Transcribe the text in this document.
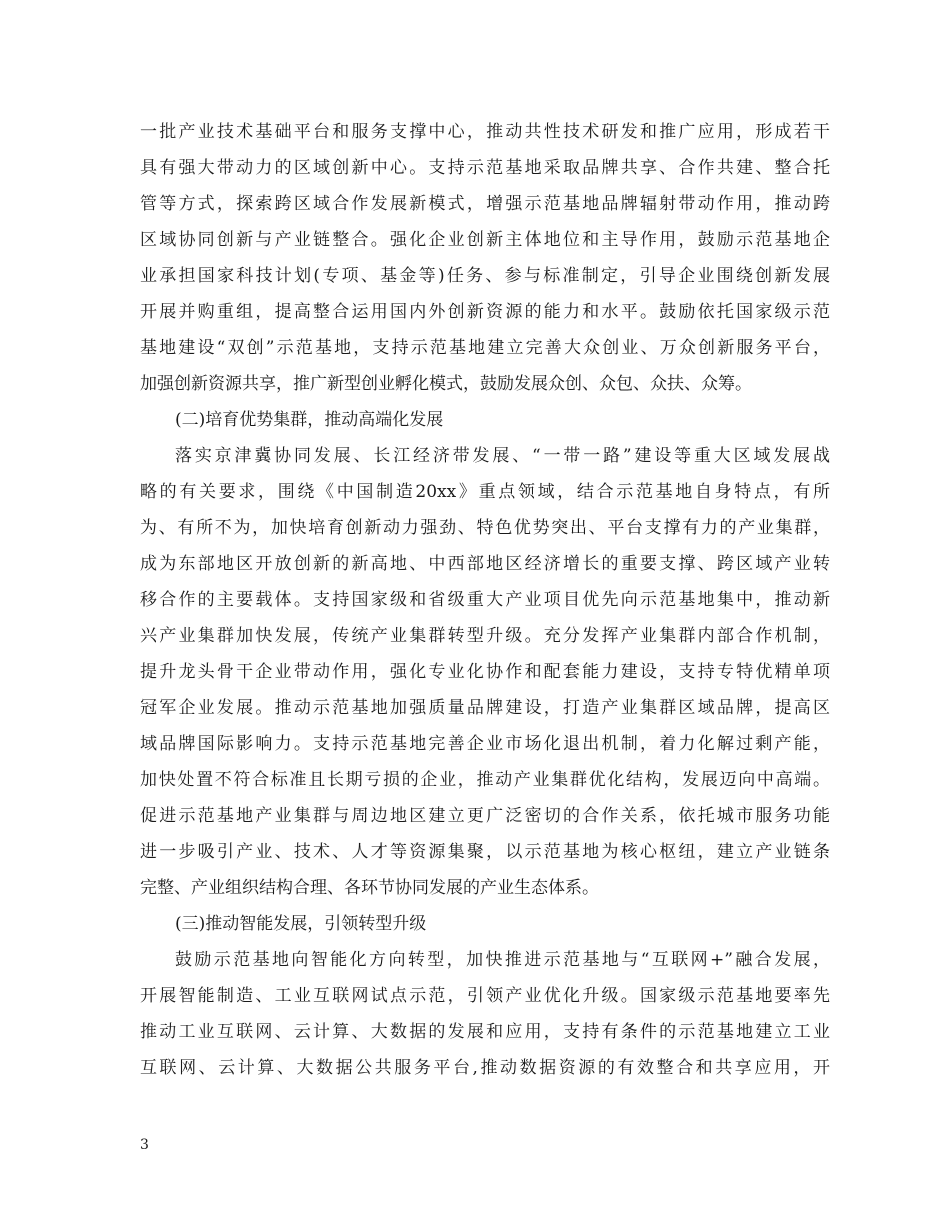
一批产业技术基础平台和服务支撑中心，推动共性技术研发和推广应用，形成若干
具有强大带动力的区域创新中心。支持示范基地采取品牌共享、合作共建、整合托
管等方式，探索跨区域合作发展新模式，增强示范基地品牌辐射带动作用，推动跨
区域协同创新与产业链整合。强化企业创新主体地位和主导作用，鼓励示范基地企
业承担国家科技计划(专项、基金等)任务、参与标准制定，引导企业围绕创新发展
开展并购重组，提高整合运用国内外创新资源的能力和水平。鼓励依托国家级示范
基地建设“双创”示范基地，支持示范基地建立完善大众创业、万众创新服务平台，
加强创新资源共享，推广新型创业孵化模式，鼓励发展众创、众包、众扶、众筹。
(二)培育优势集群，推动高端化发展
落实京津冀协同发展、长江经济带发展、“一带一路”建设等重大区域发展战
略的有关要求，围绕《中国制造20xx》重点领域，结合示范基地自身特点，有所
为、有所不为，加快培育创新动力强劲、特色优势突出、平台支撑有力的产业集群，
成为东部地区开放创新的新高地、中西部地区经济增长的重要支撑、跨区域产业转
移合作的主要载体。支持国家级和省级重大产业项目优先向示范基地集中，推动新
兴产业集群加快发展，传统产业集群转型升级。充分发挥产业集群内部合作机制，
提升龙头骨干企业带动作用，强化专业化协作和配套能力建设，支持专特优精单项
冠军企业发展。推动示范基地加强质量品牌建设，打造产业集群区域品牌，提高区
域品牌国际影响力。支持示范基地完善企业市场化退出机制，着力化解过剩产能，
加快处置不符合标准且长期亏损的企业，推动产业集群优化结构，发展迈向中高端。
促进示范基地产业集群与周边地区建立更广泛密切的合作关系，依托城市服务功能
进一步吸引产业、技术、人才等资源集聚，以示范基地为核心枢纽，建立产业链条
完整、产业组织结构合理、各环节协同发展的产业生态体系。
(三)推动智能发展，引领转型升级
鼓励示范基地向智能化方向转型，加快推进示范基地与“互联网+”融合发展，
开展智能制造、工业互联网试点示范，引领产业优化升级。国家级示范基地要率先
推动工业互联网、云计算、大数据的发展和应用，支持有条件的示范基地建立工业
互联网、云计算、大数据公共服务平台,推动数据资源的有效整合和共享应用，开
3
